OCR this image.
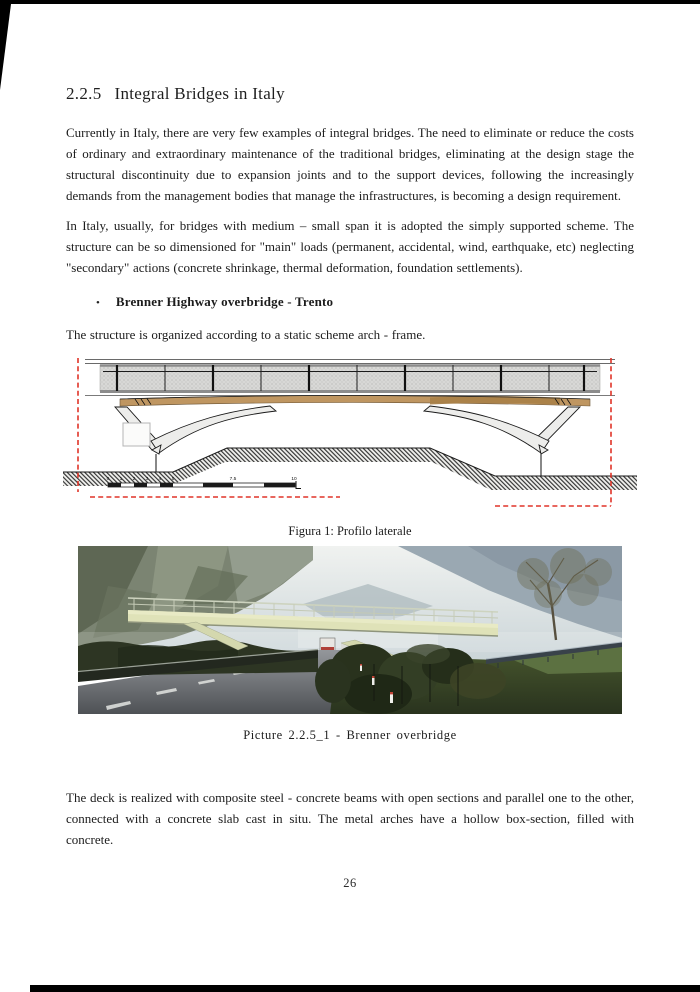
2.2.5 Integral Bridges in Italy

Currently in Italy, there are very few examples of integral bridges. The need to eliminate or reduce the costs of ordinary and extraordinary maintenance of the traditional bridges, eliminating at the design stage the structural discontinuity due to expansion joints and to the support devices, following the increasingly demands from the management bodies that manage the infrastructures, is becoming a design requirement.

In Italy, usually, for bridges with medium – small span it is adopted the simply supported scheme. The structure can be so dimensioned for "main" loads (permanent, accidental, wind, earthquake, etc) neglecting "secondary" actions (concrete shrinkage, thermal deformation, foundation settlements).

• Brenner Highway overbridge - Trento

The structure is organized according to a static scheme arch - frame.

0 1 2 3 4 5	7.5	10
Figura 1: Profilo laterale
Picture 2.2.5_1 - Brenner overbridge

The deck is realized with composite steel - concrete beams with open sections and parallel one to the other, connected with a concrete slab cast in situ. The metal arches have a hollow box-section, filled with concrete.

26
